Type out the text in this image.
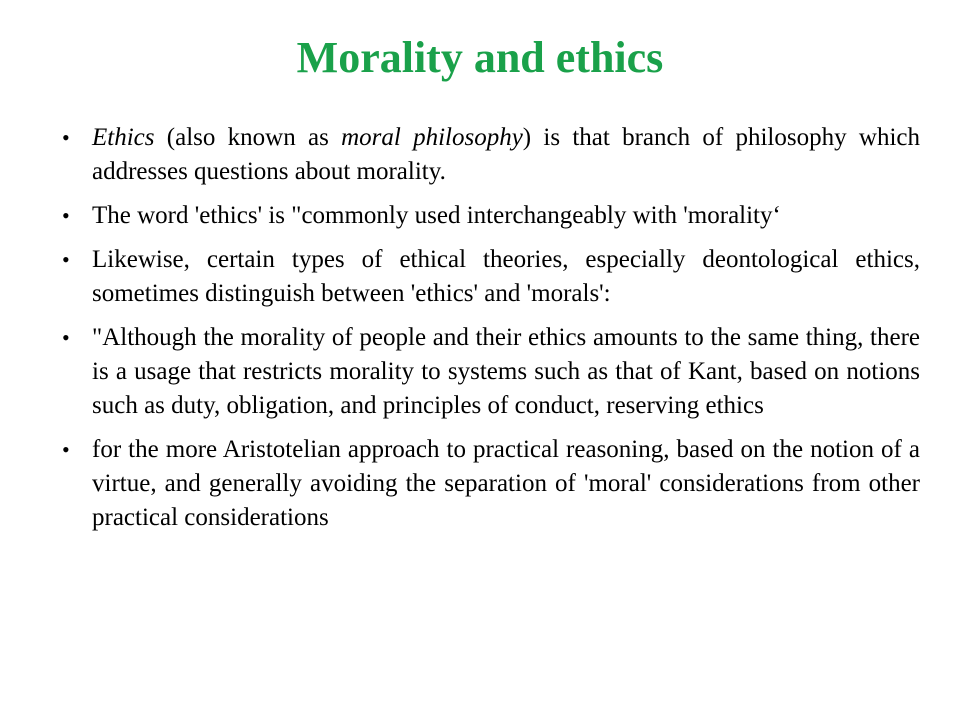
Morality and ethics
• Ethics (also known as moral philosophy) is that branch of philosophy which addresses questions about morality.
• The word 'ethics' is "commonly used interchangeably with 'morality‘
• Likewise, certain types of ethical theories, especially deontological ethics, sometimes distinguish between 'ethics' and 'morals':
• "Although the morality of people and their ethics amounts to the same thing, there is a usage that restricts morality to systems such as that of Kant, based on notions such as duty, obligation, and principles of conduct, reserving ethics
• for the more Aristotelian approach to practical reasoning, based on the notion of a virtue, and generally avoiding the separation of 'moral' considerations from other practical considerations
